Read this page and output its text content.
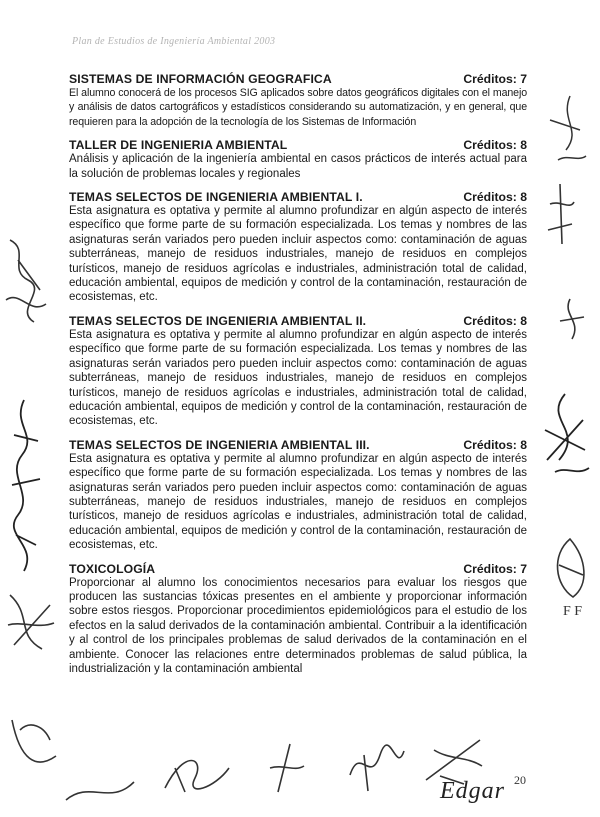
Plan de Estudios de Ingeniería Ambiental 2003
SISTEMAS DE INFORMACIÓN GEOGRAFICA	Créditos: 7

El alumno conocerá de los procesos SIG aplicados sobre datos geográficos digitales con el manejo y análisis de datos cartográficos y estadísticos considerando su automatización, y en general, que requieren para la adopción de la tecnología de los Sistemas de Información

TALLER DE INGENIERIA AMBIENTAL	Créditos: 8

Análisis y aplicación de la ingeniería ambiental en casos prácticos de interés actual para la solución de problemas locales y regionales

TEMAS SELECTOS DE INGENIERIA AMBIENTAL I.	Créditos: 8

Esta asignatura es optativa y permite al alumno profundizar en algún aspecto de interés específico que forme parte de su formación especializada. Los temas y nombres de las asignaturas serán variados pero pueden incluir aspectos como: contaminación de aguas subterráneas, manejo de residuos industriales, manejo de residuos en complejos turísticos, manejo de residuos agrícolas e industriales, administración total de calidad, educación ambiental, equipos de medición y control de la contaminación, restauración de ecosistemas, etc.

TEMAS SELECTOS DE INGENIERIA AMBIENTAL II.	Créditos: 8

Esta asignatura es optativa y permite al alumno profundizar en algún aspecto de interés específico que forme parte de su formación especializada. Los temas y nombres de las asignaturas serán variados pero pueden incluir aspectos como: contaminación de aguas subterráneas, manejo de residuos industriales, manejo de residuos en complejos turísticos, manejo de residuos agrícolas e industriales, administración total de calidad, educación ambiental, equipos de medición y control de la contaminación, restauración de ecosistemas, etc.

TEMAS SELECTOS DE INGENIERIA AMBIENTAL III.	Créditos: 8

Esta asignatura es optativa y permite al alumno profundizar en algún aspecto de interés específico que forme parte de su formación especializada. Los temas y nombres de las asignaturas serán variados pero pueden incluir aspectos como: contaminación de aguas subterráneas, manejo de residuos industriales, manejo de residuos en complejos turísticos, manejo de residuos agrícolas e industriales, administración total de calidad, educación ambiental, equipos de medición y control de la contaminación, restauración de ecosistemas, etc.

TOXICOLOGÍA	Créditos: 7

Proporcionar al alumno los conocimientos necesarios para evaluar los riesgos que producen las sustancias tóxicas presentes en el ambiente y proporcionar información sobre estos riesgos. Proporcionar procedimientos epidemiológicos para el estudio de los efectos en la salud derivados de la contaminación ambiental. Contribuir a la identificación y al control de los principales problemas de salud derivados de la contaminación en el ambiente. Conocer las relaciones entre determinados problemas de salud pública, la industrialización y la contaminación ambiental

20
F F
Edgar
